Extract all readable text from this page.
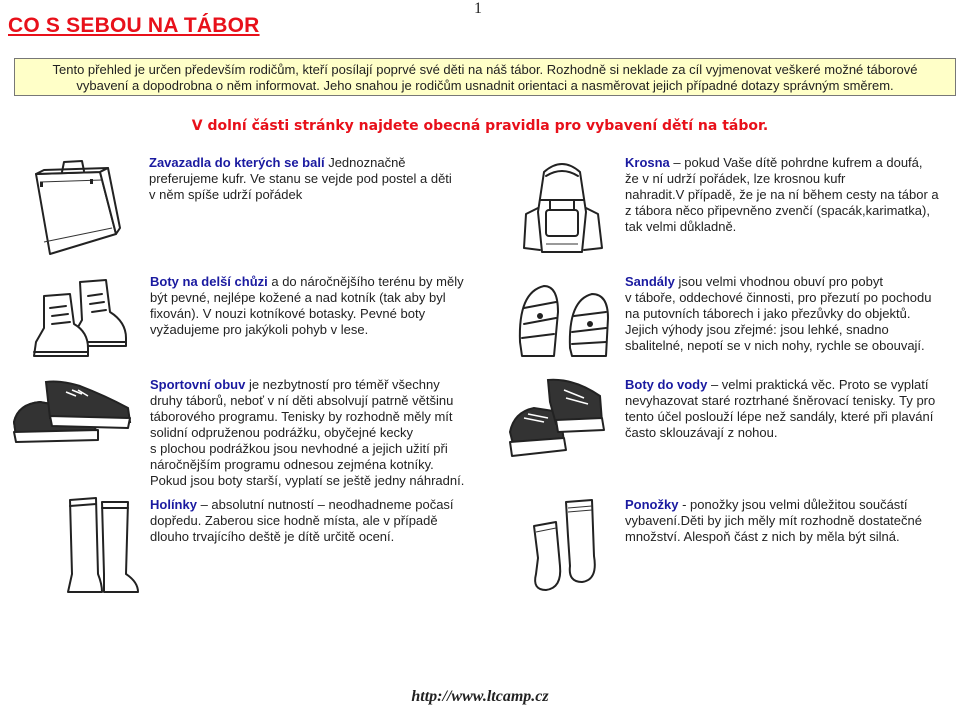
CO S SEBOU NA TÁBOR
1
Tento přehled je určen především rodičům, kteří posílají poprvé své děti na náš tábor. Rozhodně si neklade za cíl vyjmenovat veškeré možné táborové
vybavení a dopodrobna o něm informovat. Jeho snahou je rodičům usnadnit orientaci a nasměrovat jejich případné dotazy správným směrem.
V dolní části stránky najdete obecná pravidla pro vybavení dětí na tábor.
Zavazadla do kterých se balí Jednoznačně
preferujeme kufr. Ve stanu se vejde pod postel a děti
v něm spíše udrží pořádek
Krosna – pokud Vaše dítě pohrdne kufrem a doufá,
že v ní udrží pořádek, lze krosnou kufr
nahradit.V případě, že je na ní během cesty na tábor a
z tábora něco připevněno zvenčí (spacák,karimatka),
tak velmi důkladně.
Boty na delší chůzi a do náročnějšího terénu by měly
být pevné, nejlépe kožené a nad kotník (tak aby byl
fixován). V nouzi kotníkové botasky. Pevné boty
vyžadujeme pro jakýkoli pohyb v lese.
Sandály jsou velmi vhodnou obuví pro pobyt
v táboře, oddechové činnosti, pro přezutí po pochodu
na putovních táborech i jako přezůvky do objektů.
Jejich výhody jsou zřejmé: jsou lehké, snadno
sbalitelné, nepotí se v nich nohy, rychle se obouvají.
Sportovní obuv je nezbytností pro téměř všechny
druhy táborů, neboť v ní děti absolvují patrně většinu
táborového programu. Tenisky by rozhodně měly mít
solidní odpruženou podrážku, obyčejné kecky
s plochou podrážkou jsou nevhodné a jejich užití při
náročnějším programu odnesou zejména kotníky.
Pokud jsou boty starší, vyplatí se ještě jedny náhradní.
Boty do vody – velmi praktická věc. Proto se vyplatí
nevyhazovat staré roztrhané šněrovací tenisky. Ty pro
tento účel poslouží lépe než sandály, které při plavání
často sklouzávají z nohou.
Holínky – absolutní nutností – neodhadneme počasí
dopředu. Zaberou sice hodně místa, ale v případě
dlouho trvajícího deště je dítě určitě ocení.
Ponožky - ponožky jsou velmi důležitou součástí
vybavení.Děti by jich měly mít rozhodně dostatečné
množství. Alespoň část z nich by měla být silná.
http://www.ltcamp.cz
